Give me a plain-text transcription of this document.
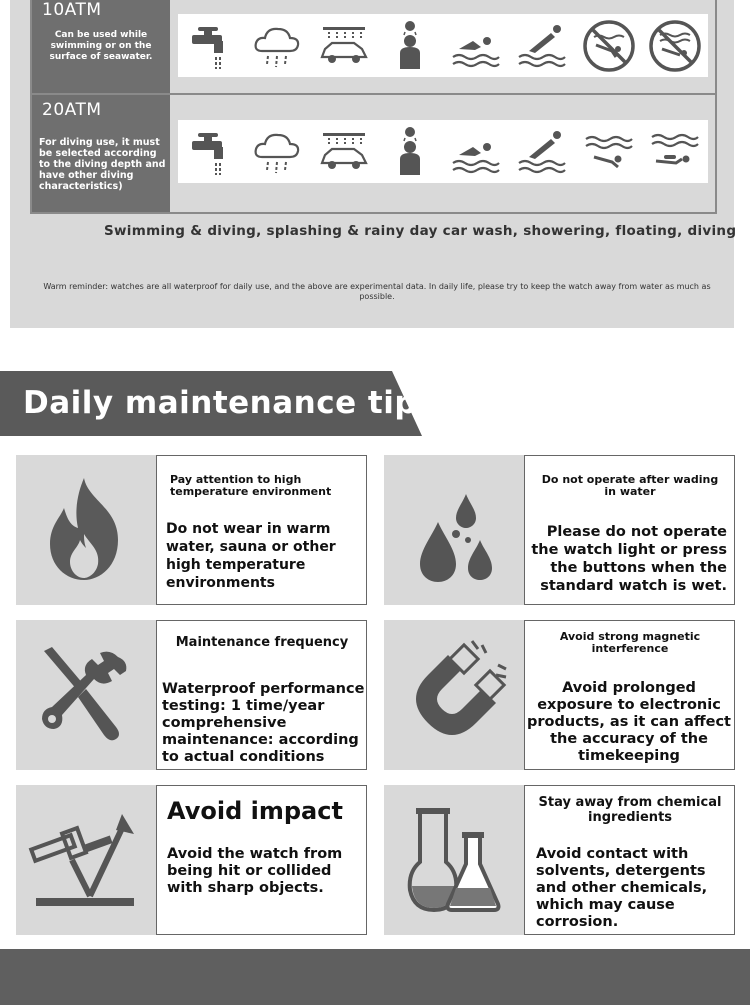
10ATM
Can be used while swimming or on the surface of seawater.
20ATM
For diving use, it must be selected according to the diving depth and have other diving characteristics)
Swimming & diving, splashing & rainy day car wash, showering, floating, diving
Warm reminder: watches are all waterproof for daily use, and the above are experimental data. In daily life, please try to keep the watch away from water as much as possible.
Daily maintenance tips
Pay attention to high temperature environment
Do not wear in warm water, sauna or other high temperature environments
Do not operate after wading in water
Please do not operate the watch light or press the buttons when the standard watch is wet.
Maintenance frequency
Waterproof performance testing: 1 time/year comprehensive maintenance: according to actual conditions
Avoid strong magnetic interference
Avoid prolonged exposure to electronic products, as it can affect the accuracy of the timekeeping
Avoid impact
Avoid the watch from being hit or collided with sharp objects.
Stay away from chemical ingredients
Avoid contact with solvents, detergents and other chemicals, which may cause corrosion.
